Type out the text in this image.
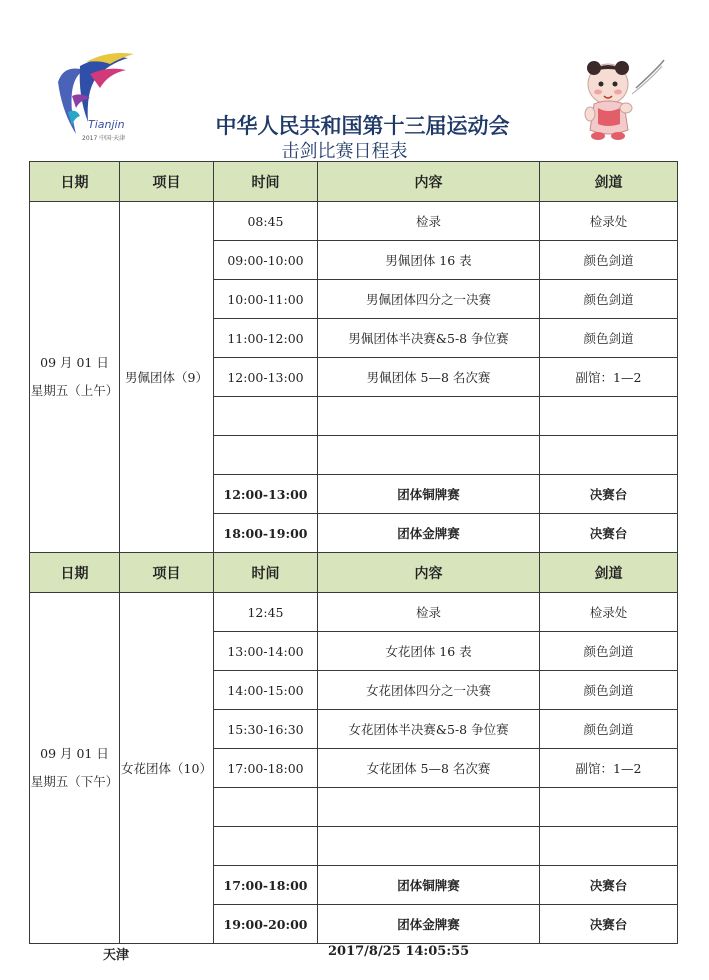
Tianjin
2017 中国·天津
中华人民共和国第十三届运动会
击剑比赛日程表
日期	项目	时间	内容	剑道

09 月 01 日
星期五（上午）	男佩团体（9）	08:45	检录	检录处
		09:00-10:00	男佩团体 16 表	颜色剑道
		10:00-11:00	男佩团体四分之一决赛	颜色剑道
		11:00-12:00	男佩团体半决赛&5-8 争位赛	颜色剑道
		12:00-13:00	男佩团体 5—8 名次赛	副馆：1—2

		12:00-13:00	团体铜牌赛	决赛台
		18:00-19:00	团体金牌赛	决赛台
日期	项目	时间	内容	剑道

09 月 01 日
星期五（下午）	女花团体（10）	12:45	检录	检录处
		13:00-14:00	女花团体 16 表	颜色剑道
		14:00-15:00	女花团体四分之一决赛	颜色剑道
		15:30-16:30	女花团体半决赛&5-8 争位赛	颜色剑道
		17:00-18:00	女花团体 5—8 名次赛	副馆：1—2

		17:00-18:00	团体铜牌赛	决赛台
		19:00-20:00	团体金牌赛	决赛台
天津	2017/8/25 14:05:55
